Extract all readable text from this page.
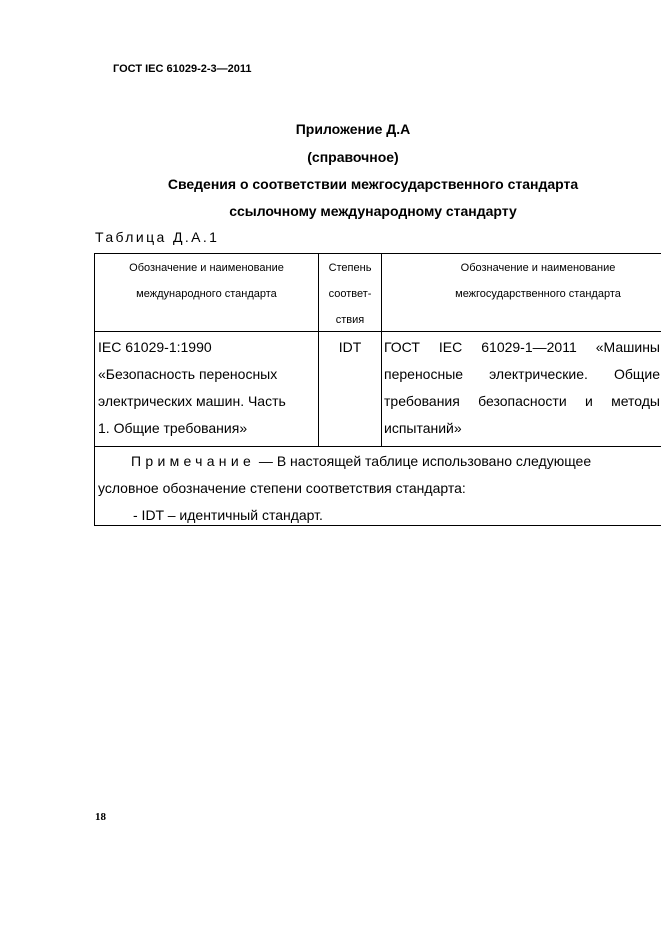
ГОСТ IEC 61029-2-3—2011
Приложение Д.А
(справочное)
Сведения о соответствии межгосударственного стандарта
ссылочному международному стандарту
Таблица Д.А.1
Обозначение и наименование
международного стандарта
Степень
соответ-
ствия
Обозначение и наименование
межгосударственного стандарта
IEC 61029-1:1990
«Безопасность переносных
электрических машин. Часть
1. Общие требования»
IDT	ГОСТ IEC 61029-1—2011 «Машины
переносные электрические. Общие
требования безопасности и методы
испытаний»
Примечание — В настоящей таблице использовано следующее
условное обозначение степени соответствия стандарта:
- IDT – идентичный стандарт.
18
